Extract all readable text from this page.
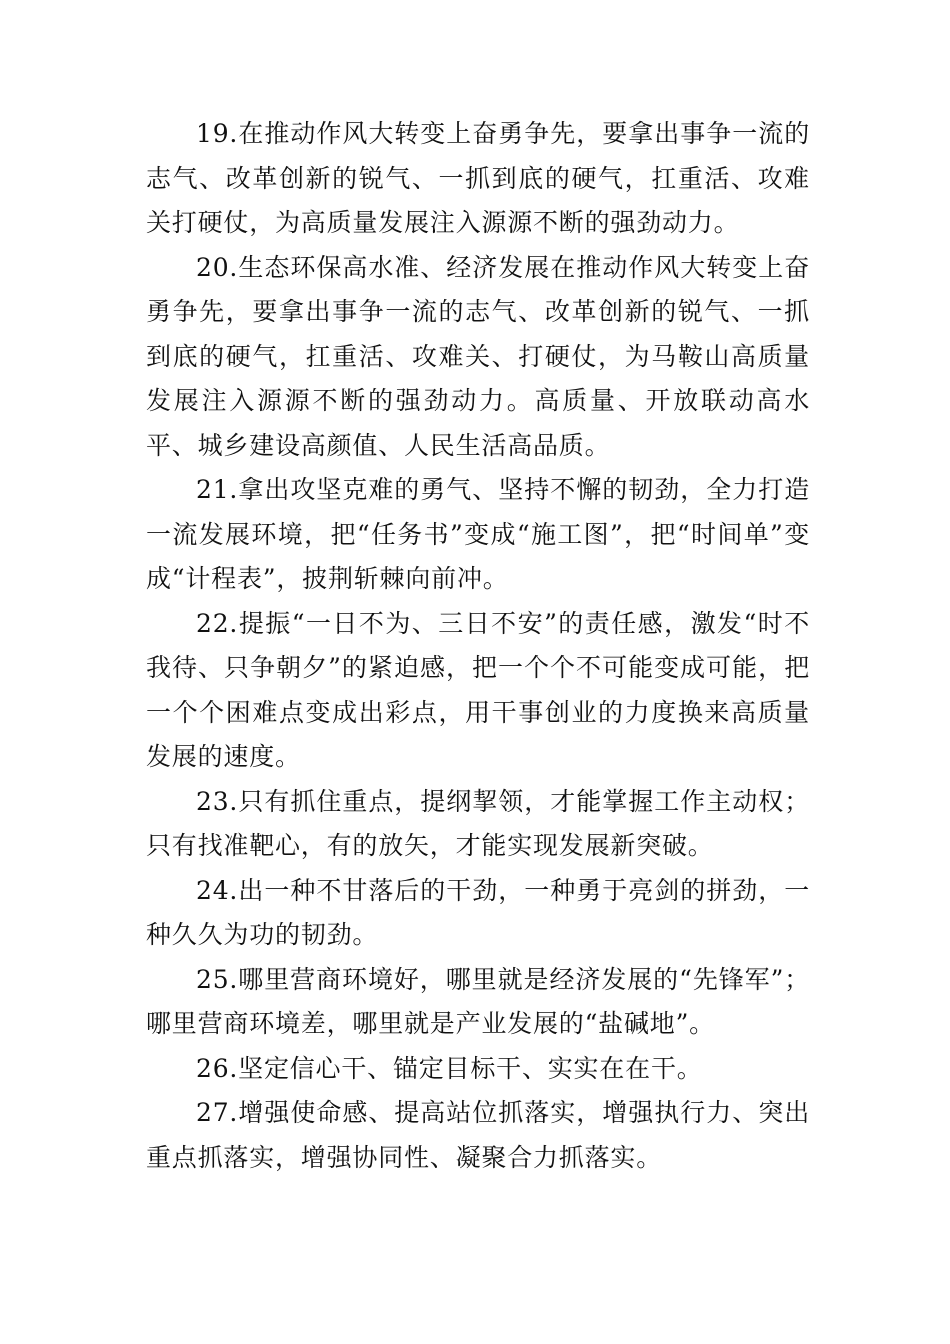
19.在推动作风大转变上奋勇争先，要拿出事争一流的志气、改革创新的锐气、一抓到底的硬气，扛重活、攻难关打硬仗，为高质量发展注入源源不断的强劲动力。

20.生态环保高水准、经济发展在推动作风大转变上奋勇争先，要拿出事争一流的志气、改革创新的锐气、一抓到底的硬气，扛重活、攻难关、打硬仗，为马鞍山高质量发展注入源源不断的强劲动力。高质量、开放联动高水平、城乡建设高颜值、人民生活高品质。

21.拿出攻坚克难的勇气、坚持不懈的韧劲，全力打造一流发展环境，把“任务书”变成“施工图”，把“时间单”变成“计程表”，披荆斩棘向前冲。

22.提振“一日不为、三日不安”的责任感，激发“时不我待、只争朝夕”的紧迫感，把一个个不可能变成可能，把一个个困难点变成出彩点，用干事创业的力度换来高质量发展的速度。

23.只有抓住重点，提纲挈领，才能掌握工作主动权；只有找准靶心，有的放矢，才能实现发展新突破。

24.出一种不甘落后的干劲，一种勇于亮剑的拼劲，一种久久为功的韧劲。

25.哪里营商环境好，哪里就是经济发展的“先锋军”；哪里营商环境差，哪里就是产业发展的“盐碱地”。

26.坚定信心干、锚定目标干、实实在在干。

27.增强使命感、提高站位抓落实，增强执行力、突出重点抓落实，增强协同性、凝聚合力抓落实。
